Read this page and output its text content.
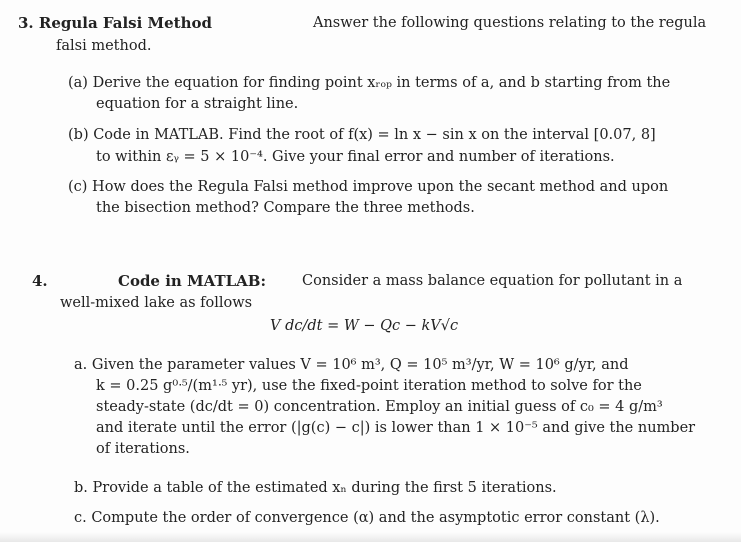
3. Regula Falsi Method	Answer the following questions relating to the regula
falsi method.
(a) Derive the equation for finding point xᵣₒₚ in terms of a, and b starting from the
equation for a straight line.
(b) Code in MATLAB. Find the root of f(x) = ln x − sin x on the interval [0.07, 8]
to within εᵧ = 5 × 10⁻⁴. Give your final error and number of iterations.
(c) How does the Regula Falsi method improve upon the secant method and upon
the bisection method? Compare the three methods.
4.	Code in MATLAB: Consider a mass balance equation for pollutant in a
well-mixed lake as follows
V dc/dt = W − Qc − kV√c
a. Given the parameter values V = 10⁶ m³, Q = 10⁵ m³/yr, W = 10⁶ g/yr, and
k = 0.25 g⁰ᐧ⁵/(m¹ᐧ⁵ yr), use the fixed-point iteration method to solve for the
steady-state (dc/dt = 0) concentration. Employ an initial guess of c₀ = 4 g/m³
and iterate until the error (|g(c) − c|) is lower than 1 × 10⁻⁵ and give the number
of iterations.
b. Provide a table of the estimated xₙ during the first 5 iterations.
c. Compute the order of convergence (α) and the asymptotic error constant (λ).
